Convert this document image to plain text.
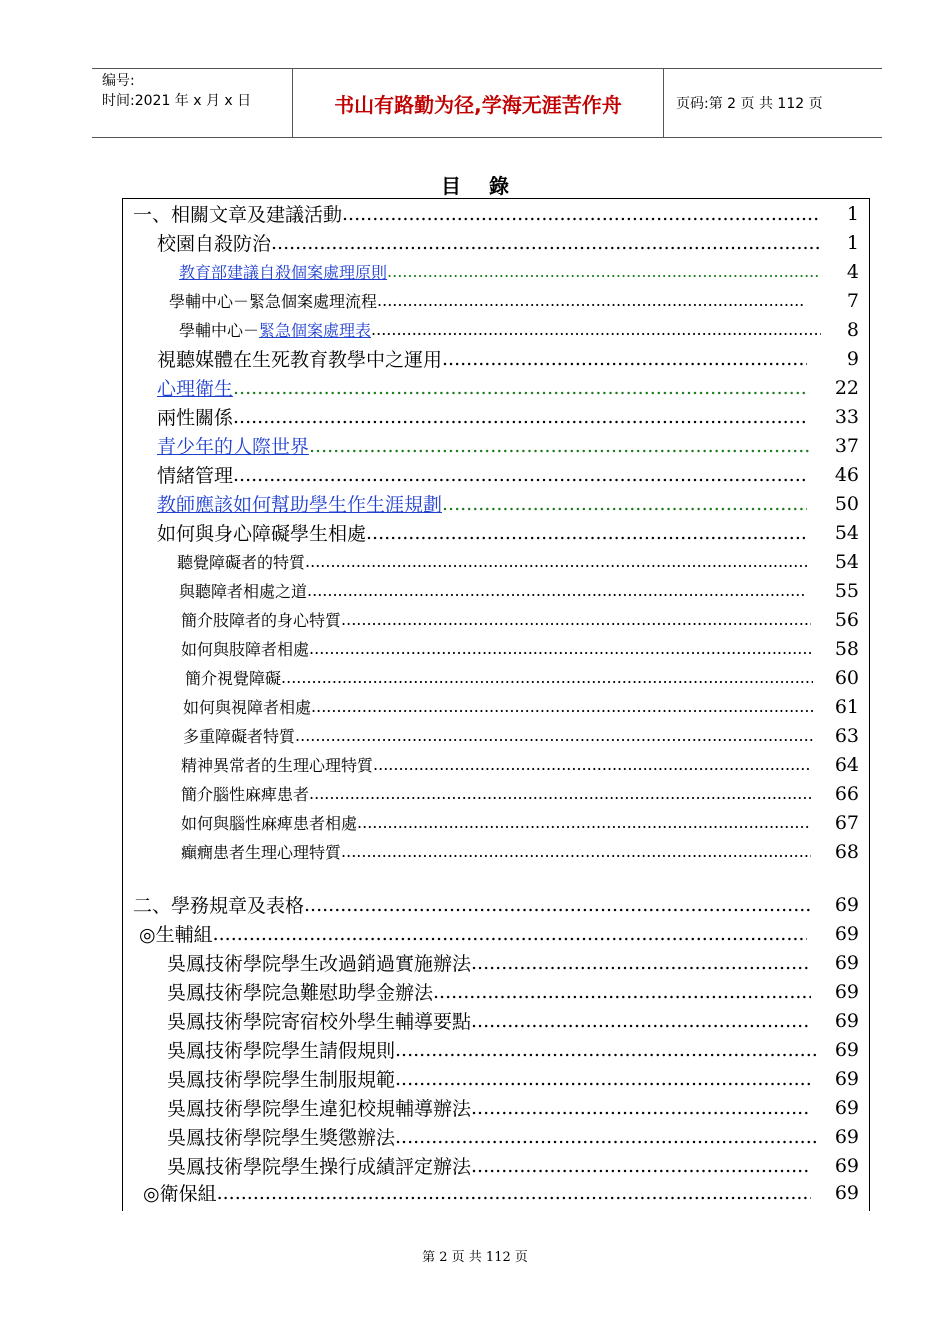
编号:
时间:2021 年 x 月 x 日	书山有路勤为径,学海无涯苦作舟	页码:第 2 页 共 112 页
目錄
一、相關文章及建議活動 .....	1
校園自殺防治 .....	1
教育部建議自殺個案處理原則 .....	4
學輔中心－緊急個案處理流程 .....	7
學輔中心－ 緊急個案處理表 .....	8
視聽媒體在生死教育教學中之運用 .....	9
心理衛生 .....	22
兩性關係 .....	33
青少年的人際世界 .....	37
情緒管理 .....	46
教師應該如何幫助學生作生涯規劃 .....	50
如何與身心障礙學生相處 .....	54
聽覺障礙者的特質 .....	54
與聽障者相處之道 .....	55
簡介肢障者的身心特質 .....	56
如何與肢障者相處 .....	58
簡介視覺障礙 .....	60
如何與視障者相處 .....	61
多重障礙者特質 .....	63
精神異常者的生理心理特質 .....	64
簡介腦性麻痺患者 .....	66
如何與腦性麻痺患者相處 .....	67
癲癇患者生理心理特質 .....	68
二、學務規章及表格 .....	69
◎生輔組 .....	69
吳鳳技術學院學生改過銷過實施辦法 .....	69
吳鳳技術學院急難慰助學金辦法 .....	69
吳鳳技術學院寄宿校外學生輔導要點 .....	69
吳鳳技術學院學生請假規則 .....	69
吳鳳技術學院學生制服規範 .....	69
吳鳳技術學院學生違犯校規輔導辦法 .....	69
吳鳳技術學院學生獎懲辦法 .....	69
吳鳳技術學院學生操行成績評定辦法 .....	69
◎衛保組 .....	69
第 2 页 共 112 页
